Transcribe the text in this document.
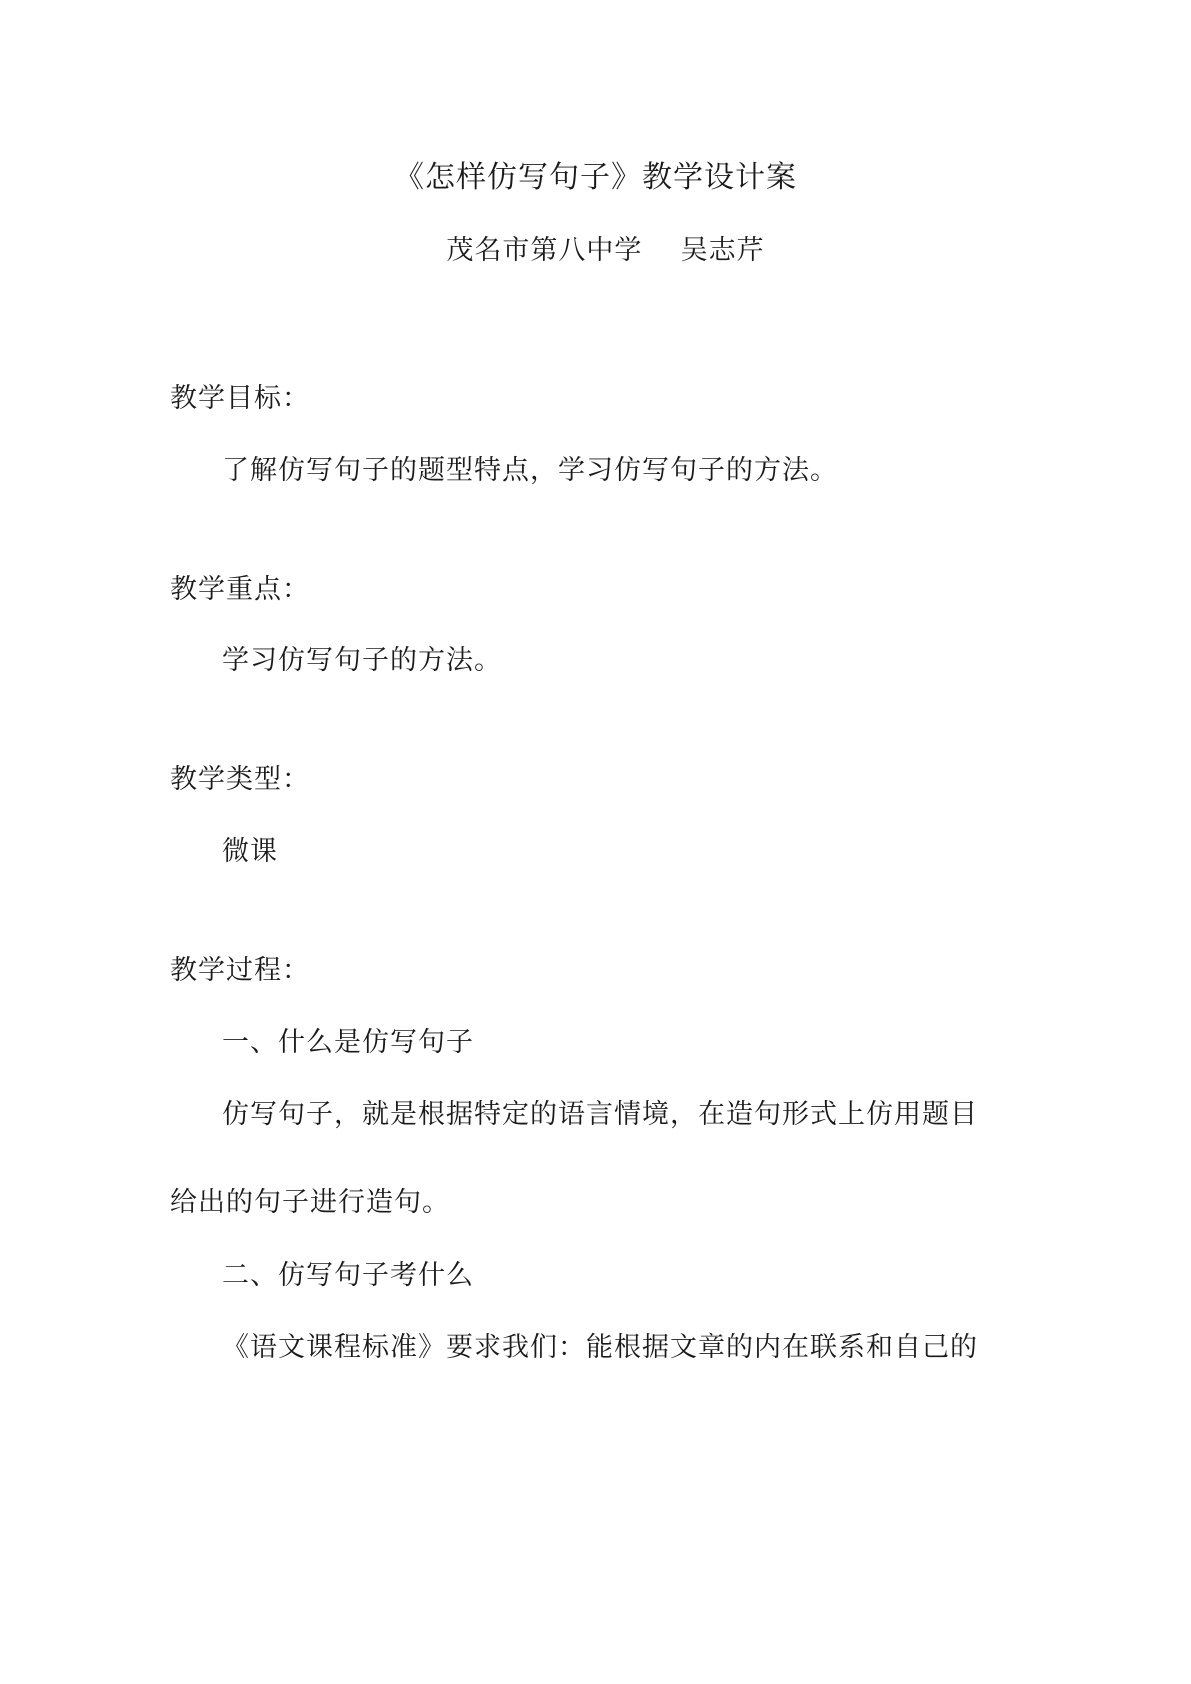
《怎样仿写句子》教学设计案
茂名市第八中学    吴志芹
教学目标：
了解仿写句子的题型特点，学习仿写句子的方法。
教学重点：
学习仿写句子的方法。
教学类型：
微课
教学过程：
一、什么是仿写句子
仿写句子，就是根据特定的语言情境，在造句形式上仿用题目
给出的句子进行造句。
二、仿写句子考什么
《语文课程标准》要求我们：能根据文章的内在联系和自己的
